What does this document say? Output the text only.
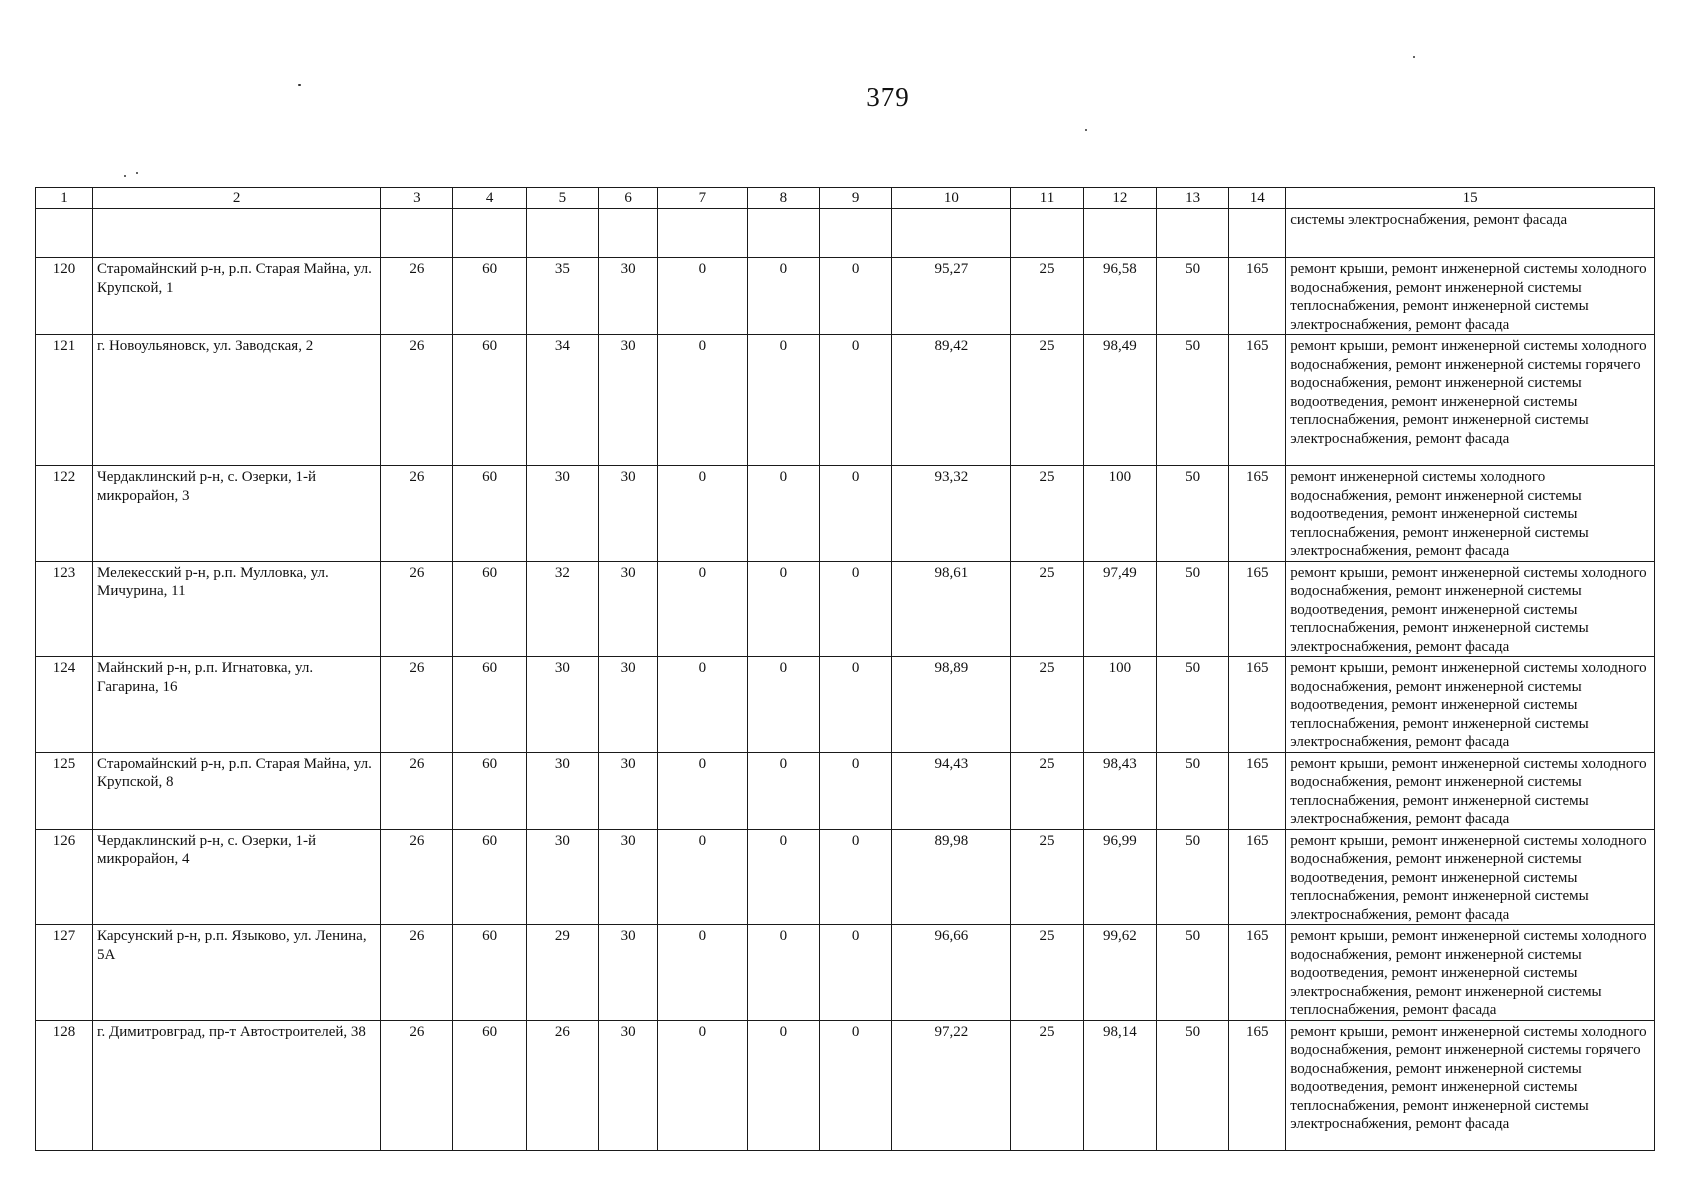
379
1	2	3	4	5	6	7	8	9	10	11	12	13	14	15
														системы электроснабжения, ремонт фасада
120	Старомайнский р-н, р.п. Старая Майна, ул. Крупской, 1	26	60	35	30	0	0	0	95,27	25	96,58	50	165	ремонт крыши, ремонт инженерной системы холодного водоснабжения, ремонт инженерной системы теплоснабжения, ремонт инженерной системы электроснабжения, ремонт фасада
121	г. Новоульяновск, ул. Заводская, 2	26	60	34	30	0	0	0	89,42	25	98,49	50	165	ремонт крыши, ремонт инженерной системы холодного водоснабжения, ремонт инженерной системы горячего водоснабжения, ремонт инженерной системы водоотведения, ремонт инженерной системы теплоснабжения, ремонт инженерной системы электроснабжения, ремонт фасада
122	Чердаклинский р-н, с. Озерки, 1-й микрорайон, 3	26	60	30	30	0	0	0	93,32	25	100	50	165	ремонт инженерной системы холодного водоснабжения, ремонт инженерной системы водоотведения, ремонт инженерной системы теплоснабжения, ремонт инженерной системы электроснабжения, ремонт фасада
123	Мелекесский р-н, р.п. Мулловка, ул. Мичурина, 11	26	60	32	30	0	0	0	98,61	25	97,49	50	165	ремонт крыши, ремонт инженерной системы холодного водоснабжения, ремонт инженерной системы водоотведения, ремонт инженерной системы теплоснабжения, ремонт инженерной системы электроснабжения, ремонт фасада
124	Майнский р-н, р.п. Игнатовка, ул. Гагарина, 16	26	60	30	30	0	0	0	98,89	25	100	50	165	ремонт крыши, ремонт инженерной системы холодного водоснабжения, ремонт инженерной системы водоотведения, ремонт инженерной системы теплоснабжения, ремонт инженерной системы электроснабжения, ремонт фасада
125	Старомайнский р-н, р.п. Старая Майна, ул. Крупской, 8	26	60	30	30	0	0	0	94,43	25	98,43	50	165	ремонт крыши, ремонт инженерной системы холодного водоснабжения, ремонт инженерной системы теплоснабжения, ремонт инженерной системы электроснабжения, ремонт фасада
126	Чердаклинский р-н, с. Озерки, 1-й микрорайон, 4	26	60	30	30	0	0	0	89,98	25	96,99	50	165	ремонт крыши, ремонт инженерной системы холодного водоснабжения, ремонт инженерной системы водоотведения, ремонт инженерной системы теплоснабжения, ремонт инженерной системы электроснабжения, ремонт фасада
127	Карсунский р-н, р.п. Языково, ул. Ленина, 5А	26	60	29	30	0	0	0	96,66	25	99,62	50	165	ремонт крыши, ремонт инженерной системы холодного водоснабжения, ремонт инженерной системы водоотведения, ремонт инженерной системы электроснабжения, ремонт инженерной системы теплоснабжения, ремонт фасада
128	г. Димитровград, пр-т Автостроителей, 38	26	60	26	30	0	0	0	97,22	25	98,14	50	165	ремонт крыши, ремонт инженерной системы холодного водоснабжения, ремонт инженерной системы горячего водоснабжения, ремонт инженерной системы водоотведения, ремонт инженерной системы теплоснабжения, ремонт инженерной системы электроснабжения, ремонт фасада
